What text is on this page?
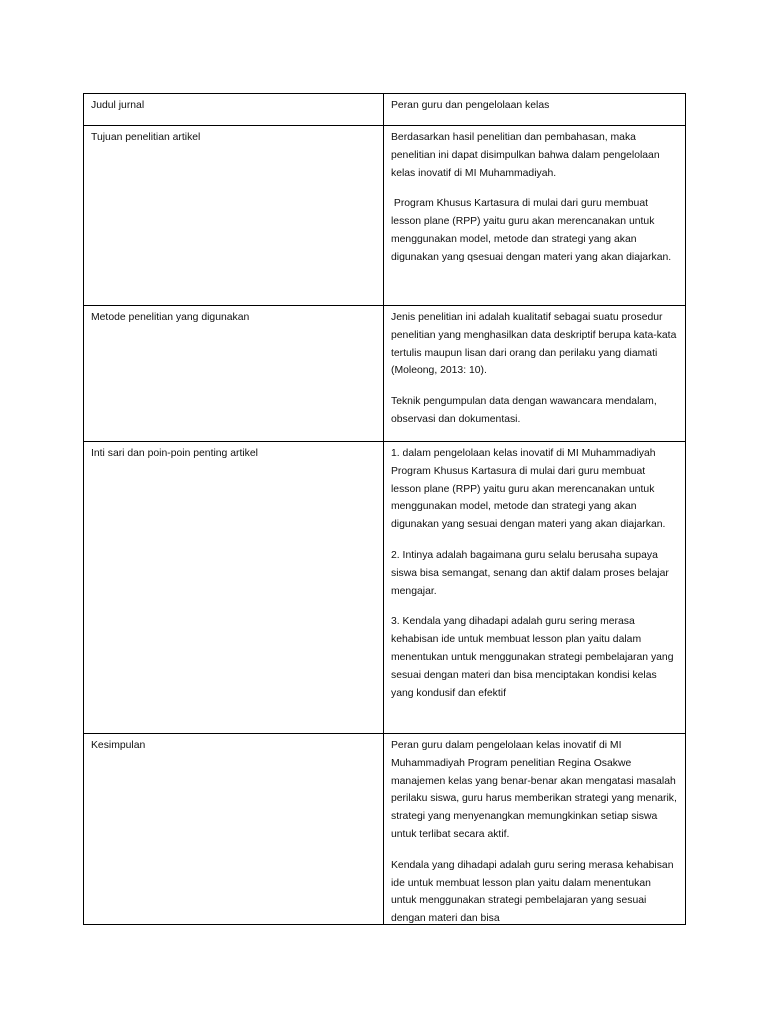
Judul jurnal	Peran guru dan pengelolaan kelas

Tujuan penelitian artikel	Berdasarkan hasil penelitian dan pembahasan, maka penelitian ini dapat disimpulkan bahwa dalam pengelolaan kelas inovatif di MI Muhammadiyah.

Program Khusus Kartasura di mulai dari guru membuat lesson plane (RPP) yaitu guru akan merencanakan untuk menggunakan model, metode dan strategi yang akan digunakan yang qsesuai dengan materi yang akan diajarkan.

Metode penelitian yang digunakan	Jenis penelitian ini adalah kualitatif sebagai suatu prosedur penelitian yang menghasilkan data deskriptif berupa kata-kata tertulis maupun lisan dari orang dan perilaku yang diamati (Moleong, 2013: 10).

Teknik pengumpulan data dengan wawancara mendalam, observasi dan dokumentasi.

Inti sari dan poin-poin penting artikel	1. dalam pengelolaan kelas inovatif di MI Muhammadiyah Program Khusus Kartasura di mulai dari guru membuat lesson plane (RPP) yaitu guru akan merencanakan untuk menggunakan model, metode dan strategi yang akan digunakan yang sesuai dengan materi yang akan diajarkan.

2. Intinya adalah bagaimana guru selalu berusaha supaya siswa bisa semangat, senang dan aktif dalam proses belajar mengajar.

3. Kendala yang dihadapi adalah guru sering merasa kehabisan ide untuk membuat lesson plan yaitu dalam menentukan untuk menggunakan strategi pembelajaran yang sesuai dengan materi dan bisa menciptakan kondisi kelas yang kondusif dan efektif

Kesimpulan	Peran guru dalam pengelolaan kelas inovatif di MI Muhammadiyah Program penelitian Regina Osakwe manajemen kelas yang benar-benar akan mengatasi masalah perilaku siswa, guru harus memberikan strategi yang menarik, strategi yang menyenangkan memungkinkan setiap siswa untuk terlibat secara aktif.

Kendala yang dihadapi adalah guru sering merasa kehabisan ide untuk membuat lesson plan yaitu dalam menentukan untuk menggunakan strategi pembelajaran yang sesuai dengan materi dan bisa
